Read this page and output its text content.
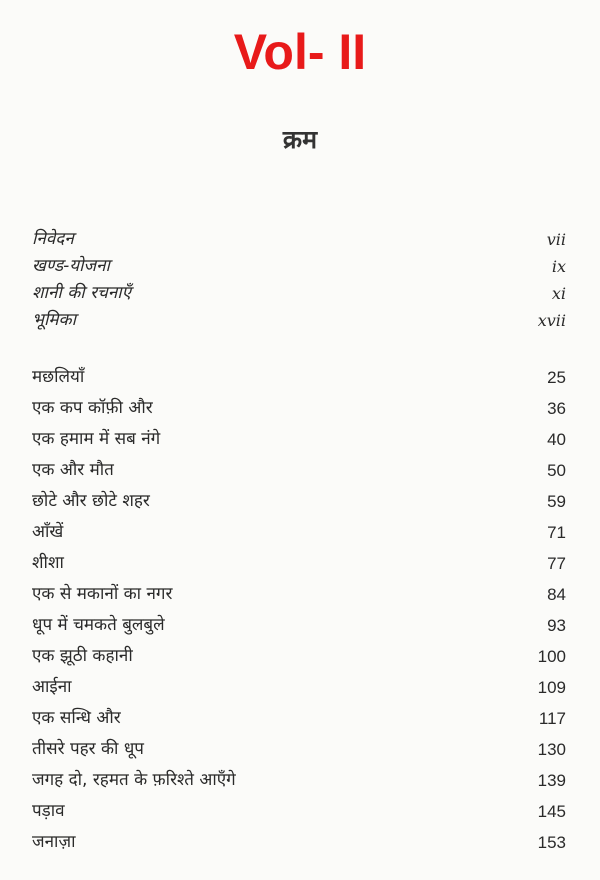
Vol- II
क्रम
निवेदन	vii
खण्ड-योजना	ix
शानी की रचनाएँ	xi
भूमिका	xvii
मछलियाँ	25
एक कप कॉफ़ी और	36
एक हमाम में सब नंगे	40
एक और मौत	50
छोटे और छोटे शहर	59
आँखें	71
शीशा	77
एक से मकानों का नगर	84
धूप में चमकते बुलबुले	93
एक झूठी कहानी	100
आईना	109
एक सन्धि और	117
तीसरे पहर की धूप	130
जगह दो, रहमत के फ़रिश्ते आएँगे	139
पड़ाव	145
जनाज़ा	153
